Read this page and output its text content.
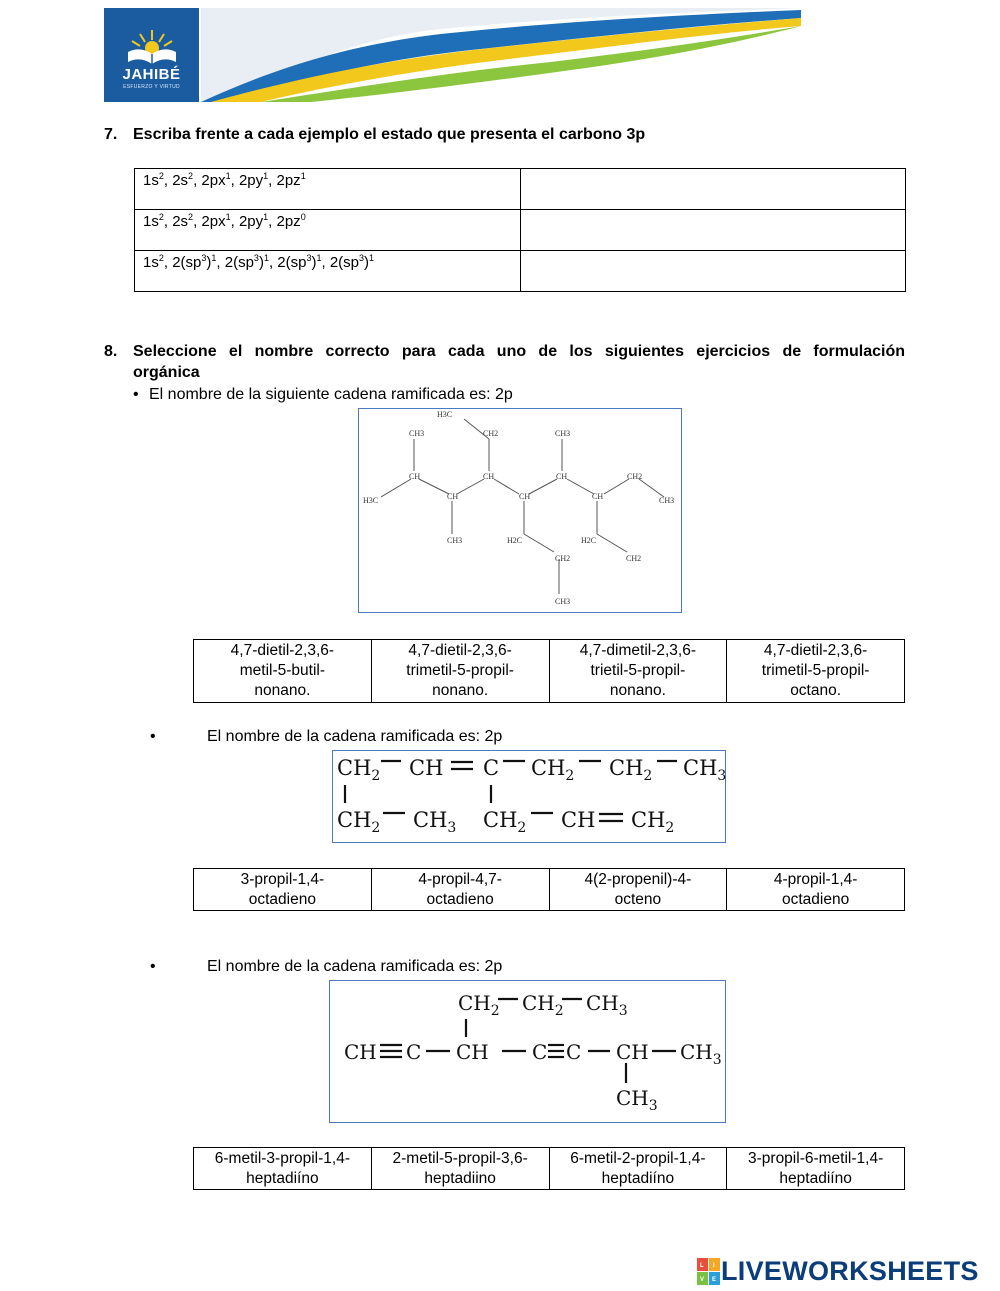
JAHIBÉ
ESFUERZO Y VIRTUD
7. Escriba frente a cada ejemplo el estado que presenta el carbono 3p
$1s^2$, $2s^2$, $2px^1$, $2py^1$, $2pz^1$	
$1s^2$, $2s^2$, $2px^1$, $2py^1$, $2pz^0$	
$1s^2$, $2(sp^3)^1$, $2(sp^3)^1$, $2(sp^3)^1$, $2(sp^3)^1$	
8. Seleccione el nombre correcto para cada uno de los siguientes ejercicios de formulación
orgánica
• El nombre de la siguiente cadena ramificada es: 2p
CH3
H3C
CH2	CH3
CH
CH
CH
CH
CH
CH
CH2
CH3
H3C
CH3	H2C	H2C
CH2	CH2
CH3
4,7-dietil-2,3,6-
metil-5-butil-
nonano.

4,7-dietil-2,3,6-
trimetil-5-propil-
nonano.

4,7-dimetil-2,3,6-
trietil-5-propil-
nonano.

4,7-dietil-2,3,6-
trimetil-5-propil-
octano.
•	El nombre de la cadena ramificada es: 2p
$CH_2$ CH C $CH_2$ $CH_2$ $CH_3$
$CH_2$ $CH_3$ $CH_2$ CH $CH_2$
3-propil-1,4-
octadieno

4-propil-4,7-
octadieno

4(2-propenil)-4-
octeno

4-propil-1,4-
octadieno
•	El nombre de la cadena ramificada es: 2p
$CH_2$ $CH_2$ $CH_3$
CH C CH C C CH $CH_3$
$CH_3$
6-metil-3-propil-1,4-
heptadiíno

2-metil-5-propil-3,6-
heptadiino

6-metil-2-propil-1,4-
heptadiíno

3-propil-6-metil-1,4-
heptadiíno
L I
V E LIVEWORKSHEETS
